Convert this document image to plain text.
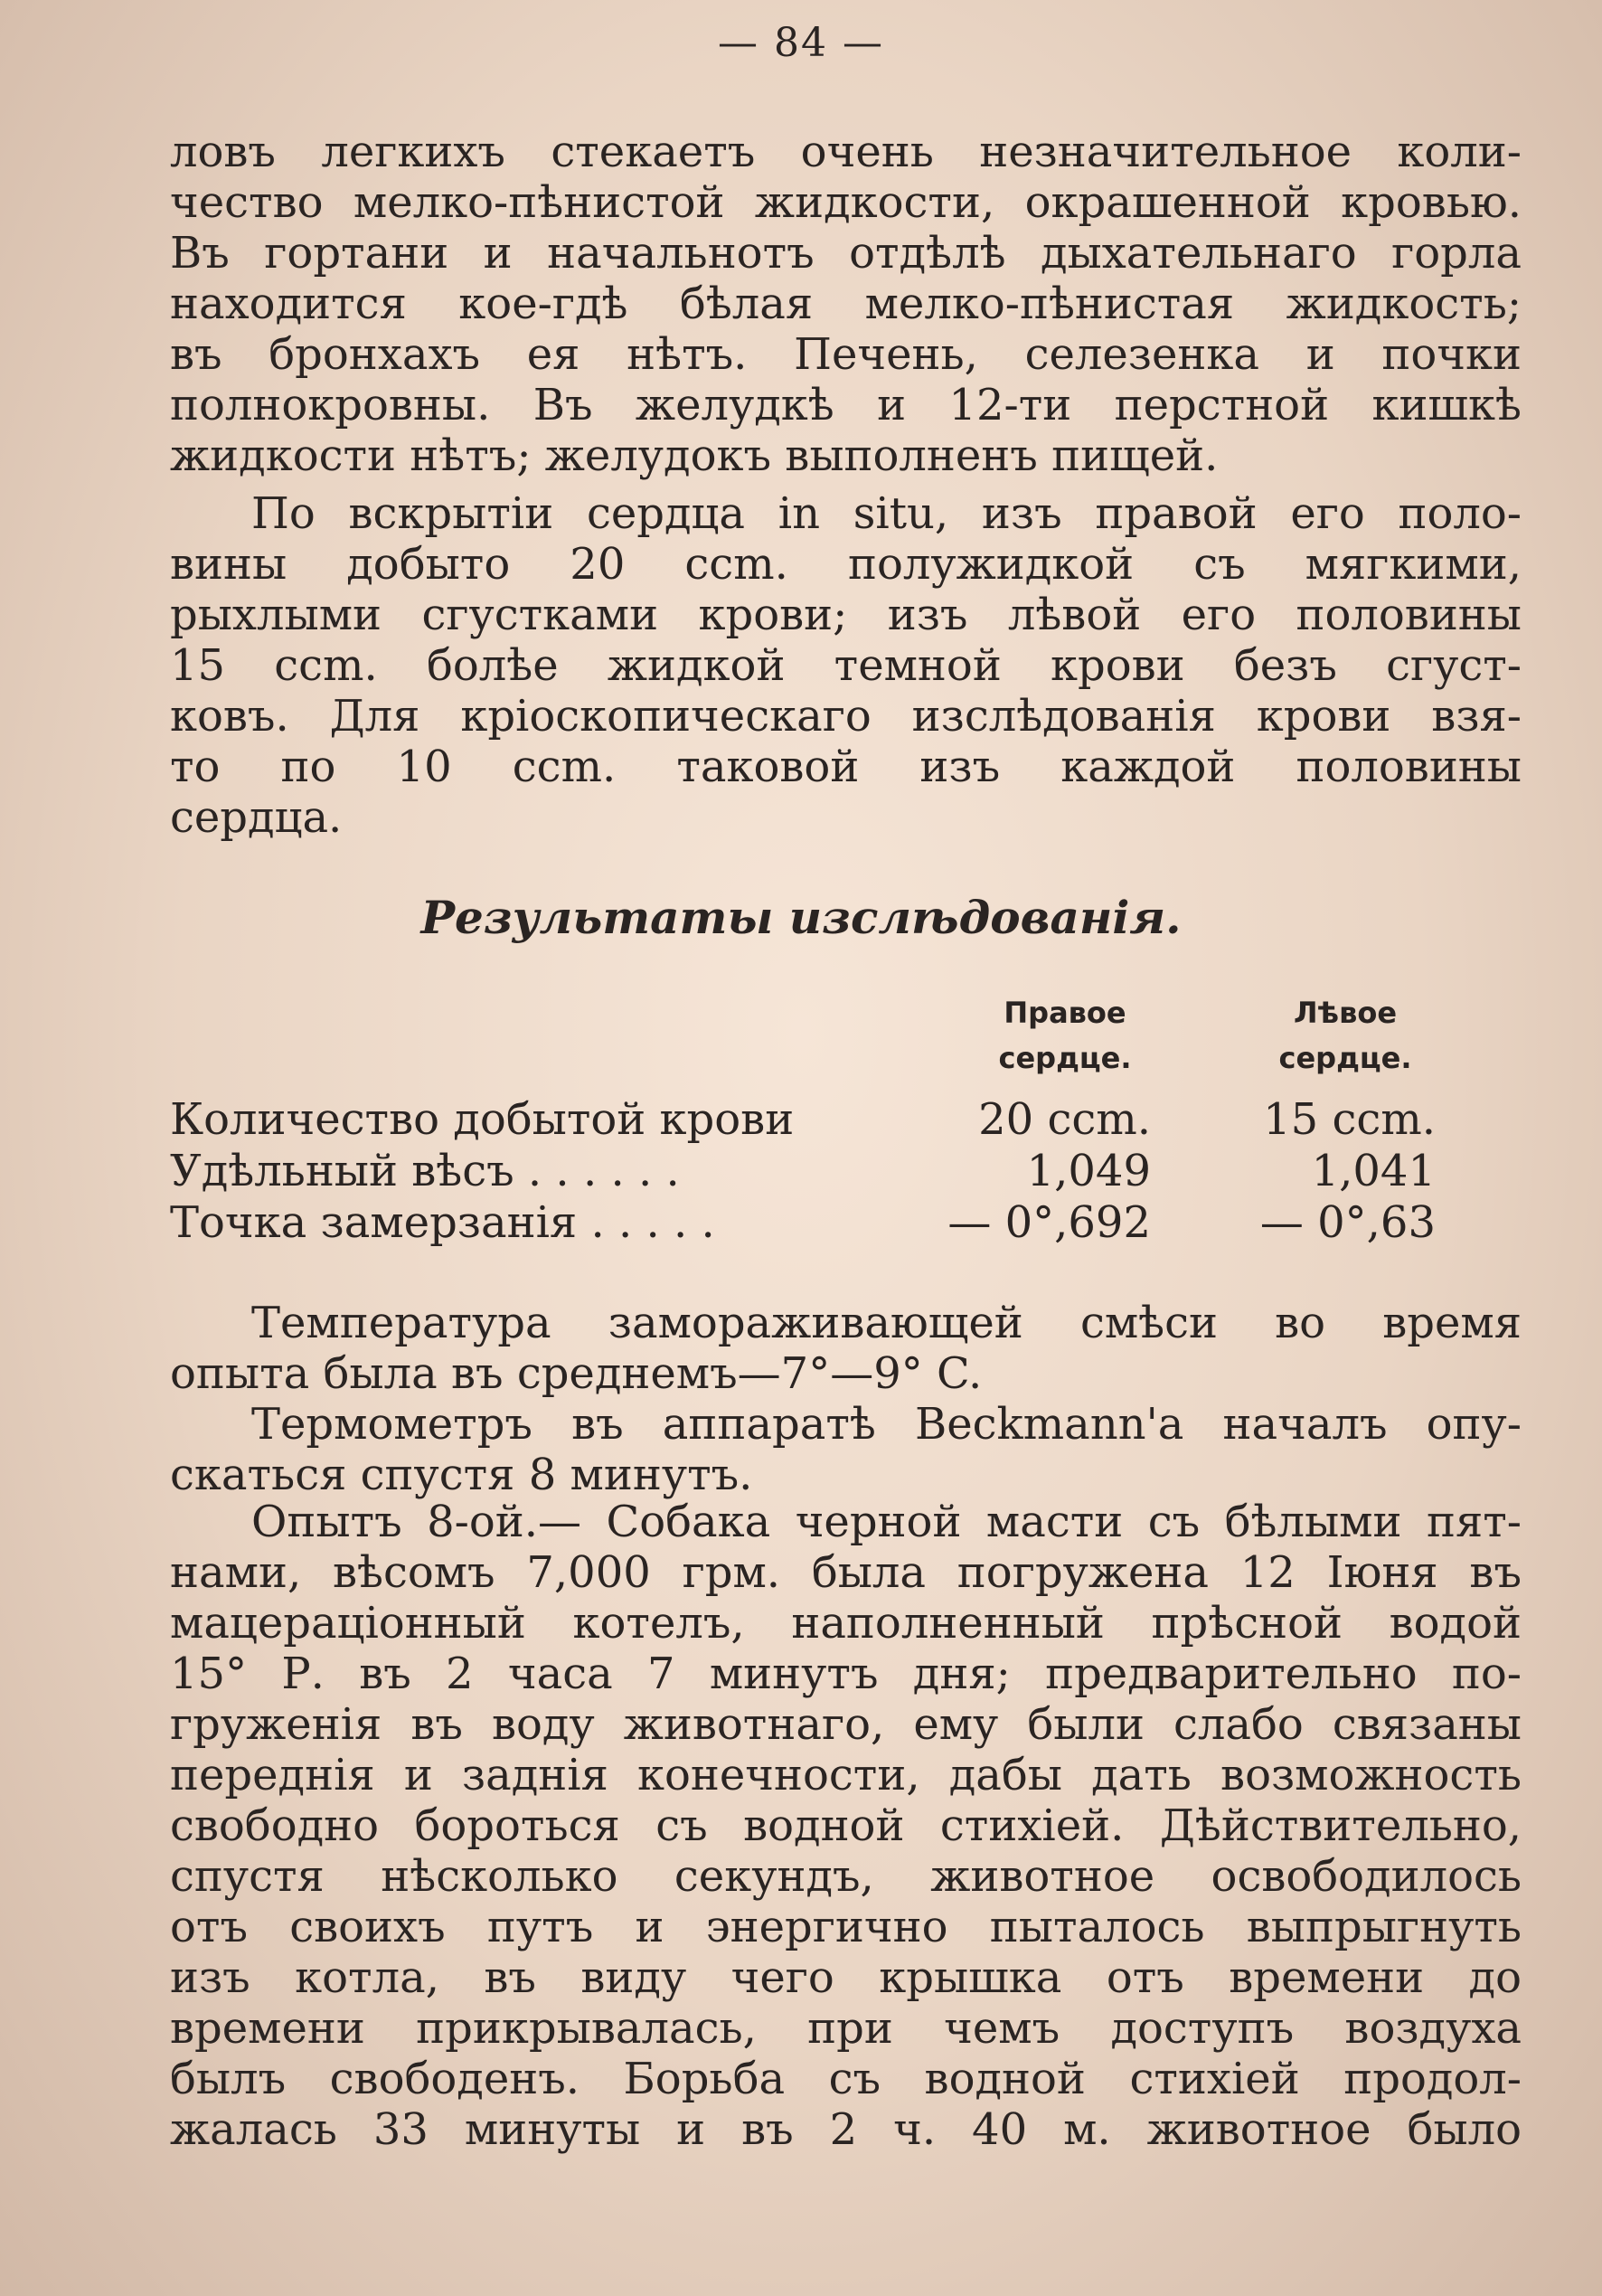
— 84 —
ловъ легкихъ стекаетъ очень незначительное коли-
чество мелко-пѣнистой жидкости, окрашенной кровью.
Въ гортани и начальнотъ отдѣлѣ дыхательнаго горла
находится кое-гдѣ бѣлая мелко-пѣнистая жидкость;
въ бронхахъ ея нѣтъ. Печень, селезенка и почки
полнокровны. Въ желудкѣ и 12-ти перстной кишкѣ
жидкости нѣтъ; желудокъ выполненъ пищей.
По вскрытіи сердца in situ, изъ правой его поло-
вины добыто 20 ccm. полужидкой съ мягкими,
рыхлыми сгустками крови; изъ лѣвой его половины
15 ccm. болѣе жидкой темной крови безъ сгуст-
ковъ. Для кріоскопическаго изслѣдованія крови взя-
то по 10 ccm. таковой изъ каждой половины
сердца.
Результаты изслѣдованія.
Правое
сердце.
Лѣвое
сердце.
Количество добытой крови	20 ccm.	15 ccm.
Удѣльный вѣсъ . . . . . .	1,049	1,041
Точка замерзанія . . . . .	— 0°,692	— 0°,63
Температура замораживающей смѣси во время
опыта была въ среднемъ—7°—9° C.
Термометръ въ аппаратѣ Beckmann'а началъ опу-
скаться спустя 8 минутъ.
Опытъ 8-ой.— Собака черной масти съ бѣлыми пят-
нами, вѣсомъ 7,000 грм. была погружена 12 Іюня въ
мацераціонный котелъ, наполненный прѣсной водой
15° Р. въ 2 часа 7 минутъ дня; предварительно по-
груженія въ воду животнаго, ему были слабо связаны
переднія и заднія конечности, дабы дать возможность
свободно бороться съ водной стихіей. Дѣйствительно,
спустя нѣсколько секундъ, животное освободилось
отъ своихъ путъ и энергично пыталось выпрыгнуть
изъ котла, въ виду чего крышка отъ времени до
времени прикрывалась, при чемъ доступъ воздуха
былъ свободенъ. Борьба съ водной стихіей продол-
жалась 33 минуты и въ 2 ч. 40 м. животное было
